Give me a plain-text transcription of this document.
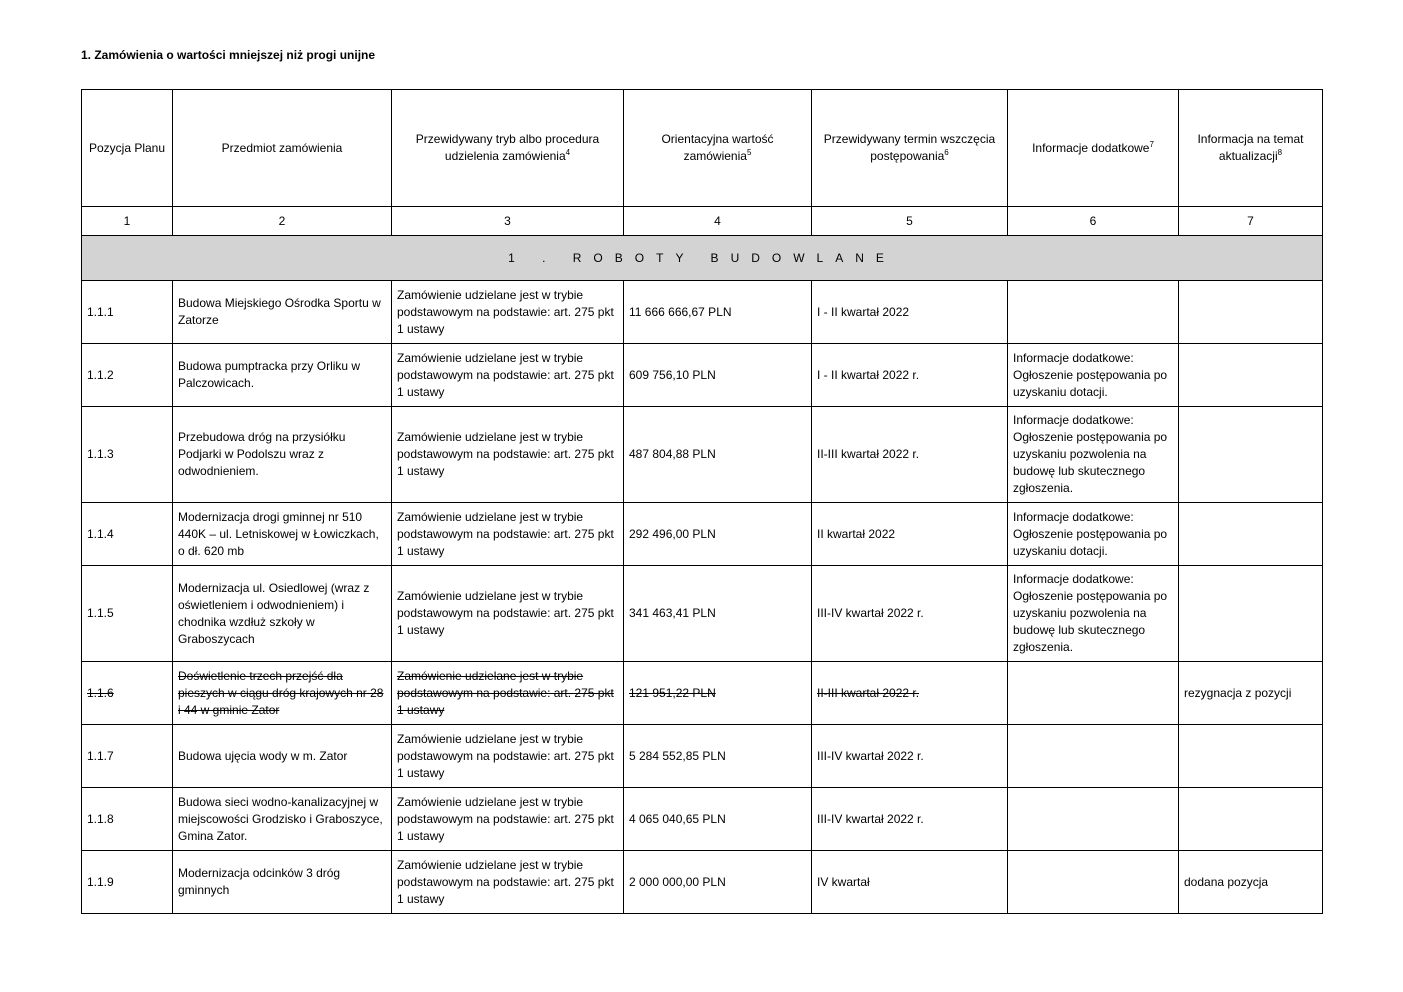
1. Zamówienia o wartości mniejszej niż progi unijne
Pozycja Planu	Przedmiot zamówienia	Przewidywany tryb albo procedura udzielenia zamówienia$^4$	Orientacyjna wartość zamówienia$^5$	Przewidywany termin wszczęcia postępowania$^6$	Informacje dodatkowe$^7$	Informacja na temat aktualizacji$^8$
1	2	3	4	5	6	7
1 . ROBOTY BUDOWLANE						
1.1.1	Budowa Miejskiego Ośrodka Sportu w Zatorze	Zamówienie udzielane jest w trybie podstawowym na podstawie: art. 275 pkt 1 ustawy	11 666 666,67 PLN	I - II kwartał 2022		
1.1.2	Budowa pumptracka przy Orliku w Palczowicach.	Zamówienie udzielane jest w trybie podstawowym na podstawie: art. 275 pkt 1 ustawy	609 756,10 PLN	I - II kwartał 2022 r.	Informacje dodatkowe: Ogłoszenie postępowania po uzyskaniu dotacji.	
1.1.3	Przebudowa dróg na przysiółku Podjarki w Podolszu wraz z odwodnieniem.	Zamówienie udzielane jest w trybie podstawowym na podstawie: art. 275 pkt 1 ustawy	487 804,88 PLN	II-III kwartał 2022 r.	Informacje dodatkowe: Ogłoszenie postępowania po uzyskaniu pozwolenia na budowę lub skutecznego zgłoszenia.	
1.1.4	Modernizacja drogi gminnej nr 510 440K – ul. Letniskowej w Łowiczkach, o dł. 620 mb	Zamówienie udzielane jest w trybie podstawowym na podstawie: art. 275 pkt 1 ustawy	292 496,00 PLN	II kwartał 2022	Informacje dodatkowe: Ogłoszenie postępowania po uzyskaniu dotacji.	
1.1.5	Modernizacja ul. Osiedlowej (wraz z oświetleniem i odwodnieniem) i chodnika wzdłuż szkoły w Graboszycach	Zamówienie udzielane jest w trybie podstawowym na podstawie: art. 275 pkt 1 ustawy	341 463,41 PLN	III-IV kwartał 2022 r.	Informacje dodatkowe: Ogłoszenie postępowania po uzyskaniu pozwolenia na budowę lub skutecznego zgłoszenia.	
1.1.6	Doświetlenie trzech przejść dla pieszych w ciągu dróg krajowych nr 28 i 44 w gminie Zator	Zamówienie udzielane jest w trybie podstawowym na podstawie: art. 275 pkt 1 ustawy	121 951,22 PLN	II-III kwartał 2022 r.		rezygnacja z pozycji
1.1.7	Budowa ujęcia wody w m. Zator	Zamówienie udzielane jest w trybie podstawowym na podstawie: art. 275 pkt 1 ustawy	5 284 552,85 PLN	III-IV kwartał 2022 r.		
1.1.8	Budowa sieci wodno-kanalizacyjnej w miejscowości Grodzisko i Graboszyce, Gmina Zator.	Zamówienie udzielane jest w trybie podstawowym na podstawie: art. 275 pkt 1 ustawy	4 065 040,65 PLN	III-IV kwartał 2022 r.		
1.1.9	Modernizacja odcinków 3 dróg gminnych	Zamówienie udzielane jest w trybie podstawowym na podstawie: art. 275 pkt 1 ustawy	2 000 000,00 PLN	IV kwartał		dodana pozycja
